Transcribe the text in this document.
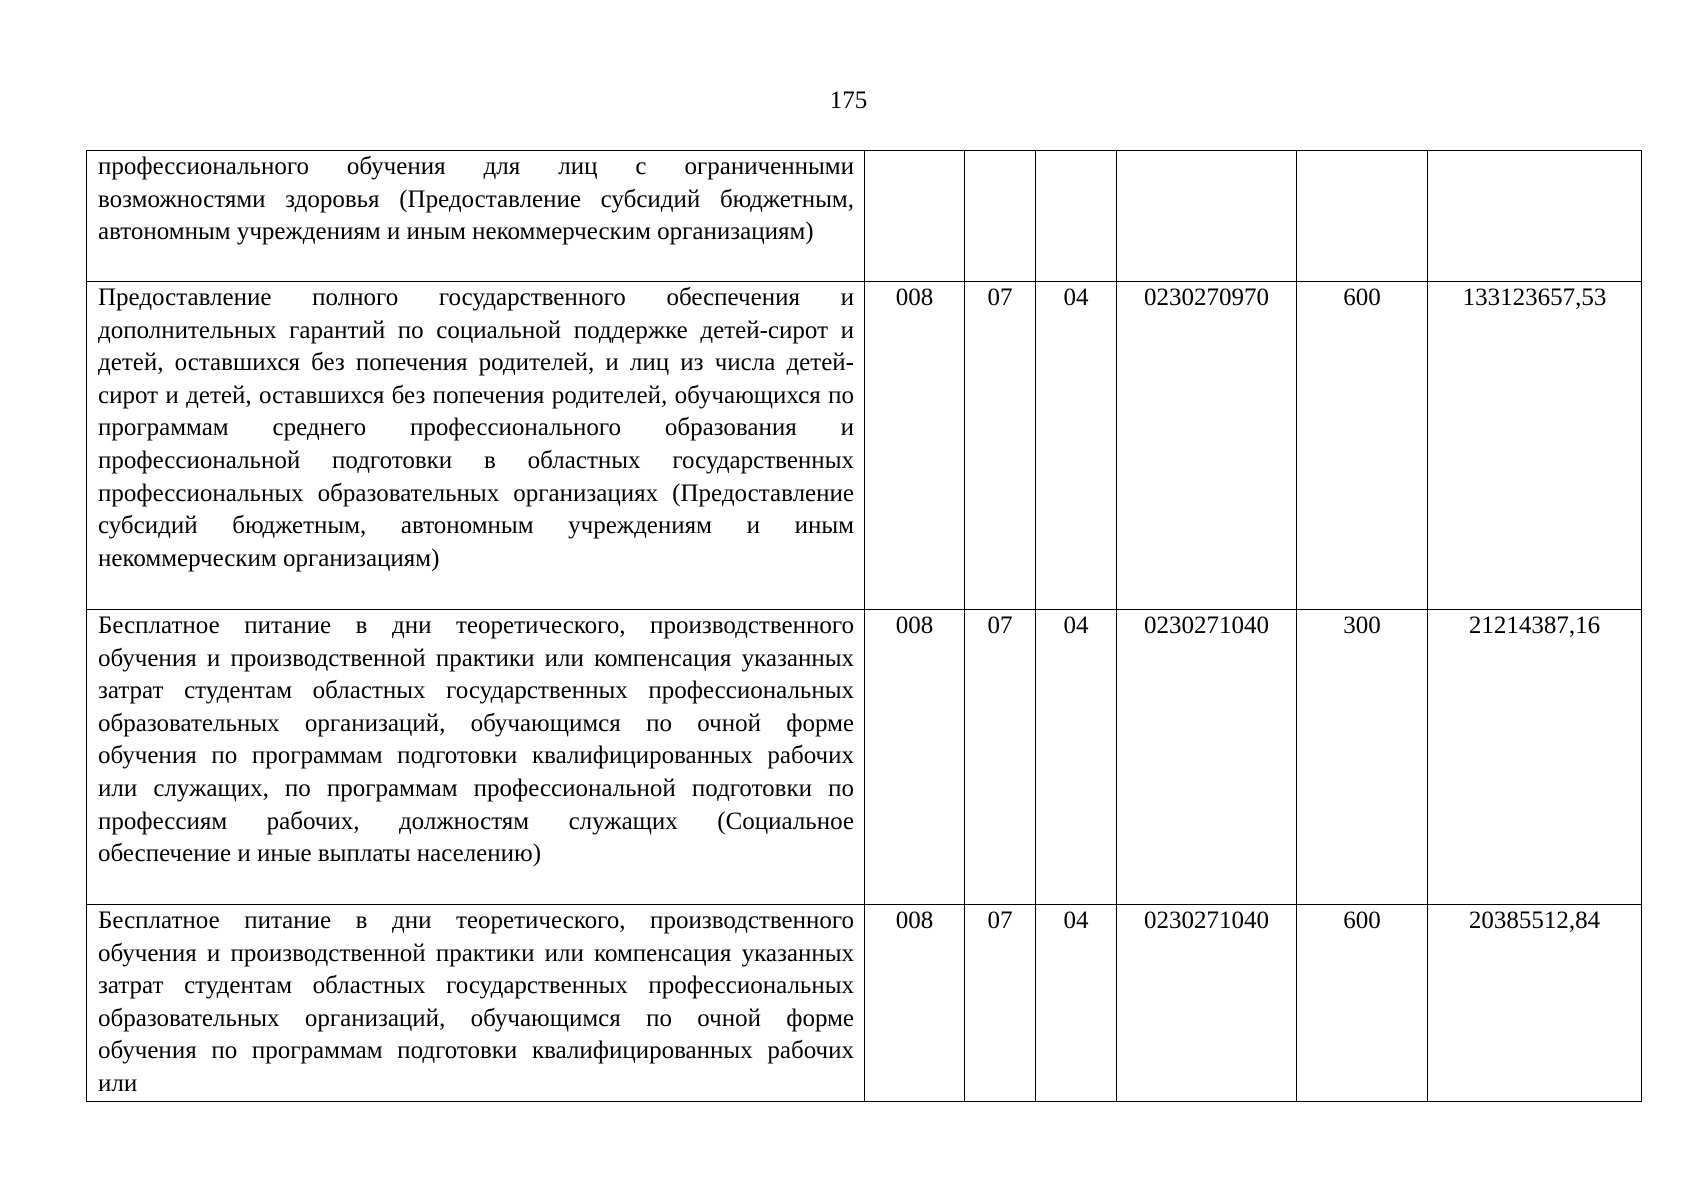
175
профессионального обучения для лиц с ограниченными возможностями здоровья (Предоставление субсидий бюджетным, автономным учреждениям и иным некоммерческим организациям)						
Предоставление полного государственного обеспечения и дополнительных гарантий по социальной поддержке детей-сирот и детей, оставшихся без попечения родителей, и лиц из числа детей-сирот и детей, оставшихся без попечения родителей, обучающихся по программам среднего профессионального образования и профессиональной подготовки в областных государственных профессиональных образовательных организациях (Предоставление субсидий бюджетным, автономным учреждениям и иным некоммерческим организациям)	008	07	04	0230270970	600	133123657,53
Бесплатное питание в дни теоретического, производственного обучения и производственной практики или компенсация указанных затрат студентам областных государственных профессиональных образовательных организаций, обучающимся по очной форме обучения по программам подготовки квалифицированных рабочих или служащих, по программам профессиональной подготовки по профессиям рабочих, должностям служащих (Социальное обеспечение и иные выплаты населению)	008	07	04	0230271040	300	21214387,16
Бесплатное питание в дни теоретического, производственного обучения и производственной практики или компенсация указанных затрат студентам областных государственных профессиональных образовательных организаций, обучающимся по очной форме обучения по программам подготовки квалифицированных рабочих или	008	07	04	0230271040	600	20385512,84
